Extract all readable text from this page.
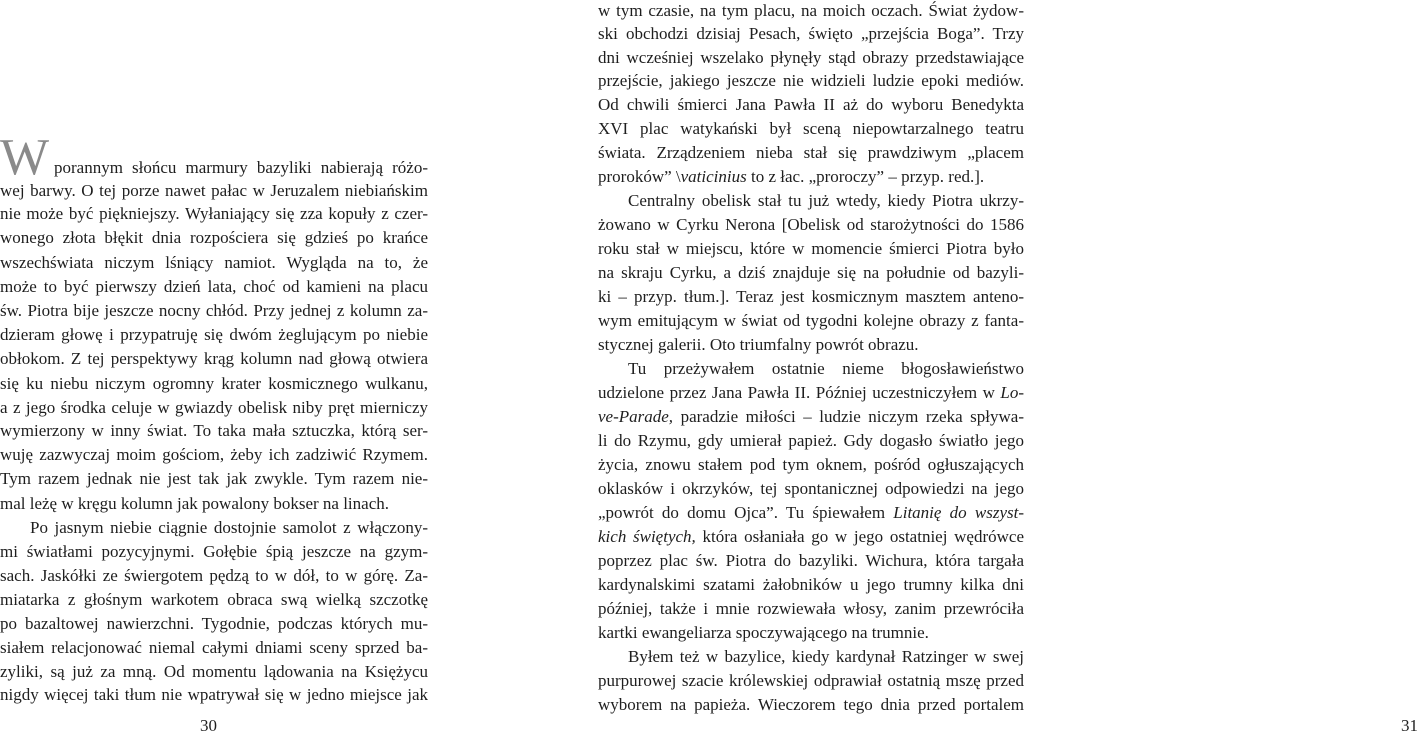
W porannym słońcu marmury bazyliki nabierają różo-
wej barwy. O tej porze nawet pałac w Jeruzalem niebiańskim
nie może być piękniejszy. Wyłaniający się zza kopuły z czer-
wonego złota błękit dnia rozpościera się gdzieś po krańce
wszechświata niczym lśniący namiot. Wygląda na to, że
może to być pierwszy dzień lata, choć od kamieni na placu
św. Piotra bije jeszcze nocny chłód. Przy jednej z kolumn za-
dzieram głowę i przypatruję się dwóm żeglującym po niebie
obłokom. Z tej perspektywy krąg kolumn nad głową otwiera
się ku niebu niczym ogromny krater kosmicznego wulkanu,
a z jego środka celuje w gwiazdy obelisk niby pręt mierniczy
wymierzony w inny świat. To taka mała sztuczka, którą ser-
wuję zazwyczaj moim gościom, żeby ich zadziwić Rzymem.
Tym razem jednak nie jest tak jak zwykle. Tym razem nie-
mal leżę w kręgu kolumn jak powalony bokser na linach.
Po jasnym niebie ciągnie dostojnie samolot z włączony-
mi światłami pozycyjnymi. Gołębie śpią jeszcze na gzym-
sach. Jaskółki ze świergotem pędzą to w dół, to w górę. Za-
miatarka z głośnym warkotem obraca swą wielką szczotkę
po bazaltowej nawierzchni. Tygodnie, podczas których mu-
siałem relacjonować niemal całymi dniami sceny sprzed ba-
zyliki, są już za mną. Od momentu lądowania na Księżycu
nigdy więcej taki tłum nie wpatrywał się w jedno miejsce jak
30
w tym czasie, na tym placu, na moich oczach. Świat żydow-
ski obchodzi dzisiaj Pesach, święto „przejścia Boga”. Trzy
dni wcześniej wszelako płynęły stąd obrazy przedstawiające
przejście, jakiego jeszcze nie widzieli ludzie epoki mediów.
Od chwili śmierci Jana Pawła II aż do wyboru Benedykta
XVI plac watykański był sceną niepowtarzalnego teatru
świata. Zrządzeniem nieba stał się prawdziwym „placem
proroków” \vaticinius to z łac. „proroczy” – przyp. red.].
Centralny obelisk stał tu już wtedy, kiedy Piotra ukrzy-
żowano w Cyrku Nerona [Obelisk od starożytności do 1586
roku stał w miejscu, które w momencie śmierci Piotra było
na skraju Cyrku, a dziś znajduje się na południe od bazyli-
ki – przyp. tłum.]. Teraz jest kosmicznym masztem anteno-
wym emitującym w świat od tygodni kolejne obrazy z fanta-
stycznej galerii. Oto triumfalny powrót obrazu.
Tu przeżywałem ostatnie nieme błogosławieństwo
udzielone przez Jana Pawła II. Później uczestniczyłem w Lo-
ve-Parade, paradzie miłości – ludzie niczym rzeka spływa-
li do Rzymu, gdy umierał papież. Gdy dogasło światło jego
życia, znowu stałem pod tym oknem, pośród ogłuszających
oklasków i okrzyków, tej spontanicznej odpowiedzi na jego
„powrót do domu Ojca”. Tu śpiewałem Litanię do wszyst-
kich świętych, która osłaniała go w jego ostatniej wędrówce
poprzez plac św. Piotra do bazyliki. Wichura, która targała
kardynalskimi szatami żałobników u jego trumny kilka dni
później, także i mnie rozwiewała włosy, zanim przewróciła
kartki ewangeliarza spoczywającego na trumnie.
Byłem też w bazylice, kiedy kardynał Ratzinger w swej
purpurowej szacie królewskiej odprawiał ostatnią mszę przed
wyborem na papieża. Wieczorem tego dnia przed portalem
31
